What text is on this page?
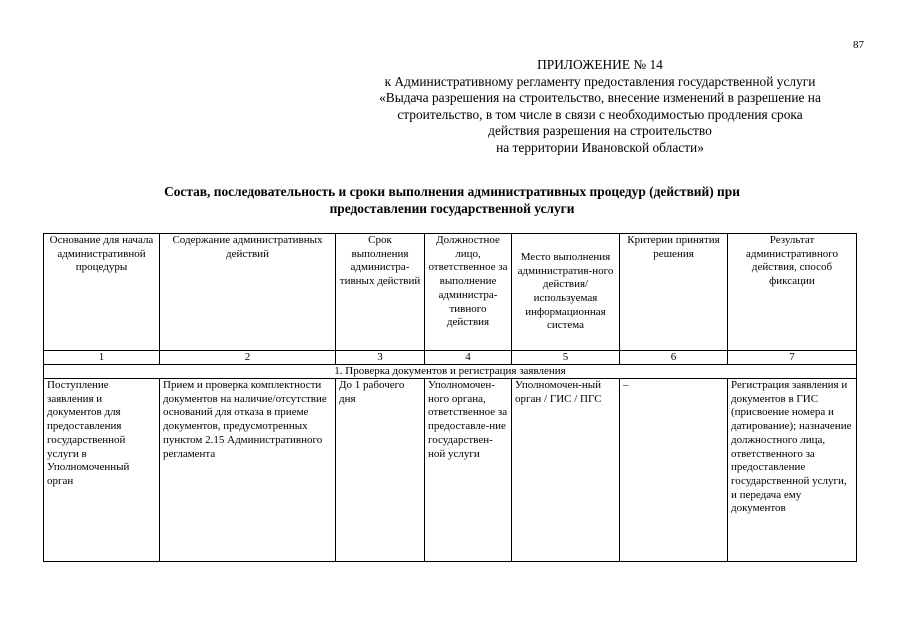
87
ПРИЛОЖЕНИЕ № 14
к Административному регламенту предоставления государственной услуги
«Выдача разрешения на строительство, внесение изменений в разрешение на
строительство, в том числе в связи с необходимостью продления срока
действия разрешения на строительство
на территории Ивановской области»
Состав, последовательность и сроки выполнения административных процедур (действий) при
предоставлении государственной услуги
Основание для начала административной процедуры	Содержание административных действий	Срок выполнения администра-тивных действий	Должностное лицо, ответственное за выполнение администра-тивного действия	Место выполнения административ-ного действия/ используемая информационная система	Критерии принятия решения	Результат административного действия, способ фиксации
1	2	3	4	5	6	7
1. Проверка документов и регистрация заявления						
Поступление заявления и документов для предоставления государственной услуги в Уполномоченный орган	Прием и проверка комплектности документов на наличие/отсутствие оснований для отказа в приеме документов, предусмотренных пунктом 2.15 Административного регламента	До 1 рабочего дня	Уполномочен-ного органа, ответственное за предоставле-ние государствен-ной услуги	Уполномочен-ный орган / ГИС / ПГС	–	Регистрация заявления и документов в ГИС (присвоение номера и датирование); назначение должностного лица, ответственного за предоставление государственной услуги, и передача ему документов
